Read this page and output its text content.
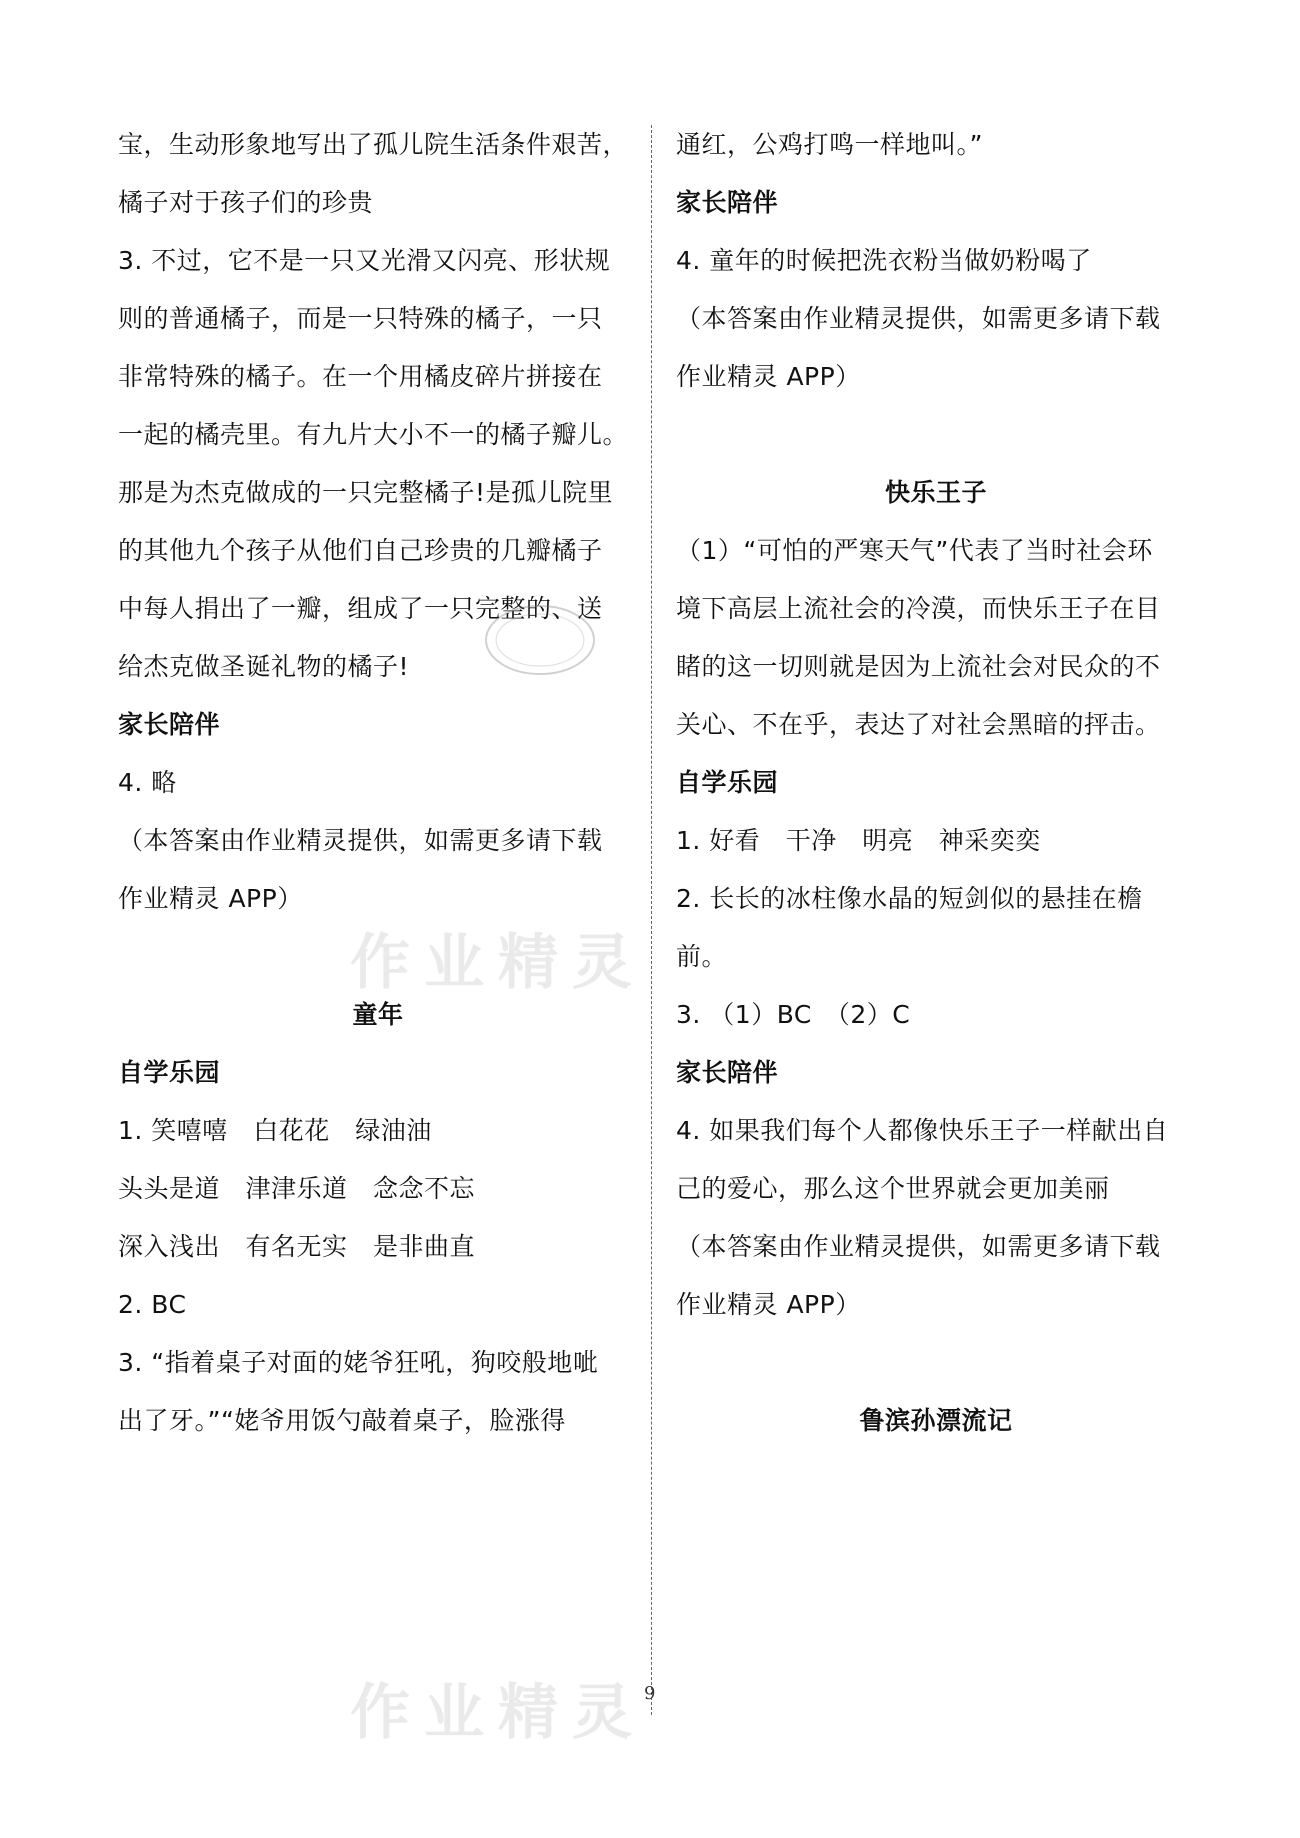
宝，生动形象地写出了孤儿院生活条件艰苦，
橘子对于孩子们的珍贵
3. 不过，它不是一只又光滑又闪亮、形状规
则的普通橘子，而是一只特殊的橘子，一只
非常特殊的橘子。在一个用橘皮碎片拼接在
一起的橘壳里。有九片大小不一的橘子瓣儿。
那是为杰克做成的一只完整橘子!是孤儿院里
的其他九个孩子从他们自己珍贵的几瓣橘子
中每人捐出了一瓣，组成了一只完整的、送
给杰克做圣诞礼物的橘子!
家长陪伴
4. 略
（本答案由作业精灵提供，如需更多请下载
作业精灵 APP）
童年
自学乐园
1. 笑嘻嘻　白花花　绿油油
头头是道　津津乐道　念念不忘
深入浅出　有名无实　是非曲直
2. BC
3. “指着桌子对面的姥爷狂吼，狗咬般地呲
出了牙。”“姥爷用饭勺敲着桌子，脸涨得
通红，公鸡打鸣一样地叫。”
家长陪伴
4. 童年的时候把洗衣粉当做奶粉喝了
（本答案由作业精灵提供，如需更多请下载
作业精灵 APP）
快乐王子
（1）“可怕的严寒天气”代表了当时社会环
境下高层上流社会的冷漠，而快乐王子在目
睹的这一切则就是因为上流社会对民众的不
关心、不在乎，表达了对社会黑暗的抨击。
自学乐园
1. 好看　干净　明亮　神采奕奕
2. 长长的冰柱像水晶的短剑似的悬挂在檐
前。
3. （1）BC　（2）C
家长陪伴
4. 如果我们每个人都像快乐王子一样献出自
己的爱心，那么这个世界就会更加美丽
（本答案由作业精灵提供，如需更多请下载
作业精灵 APP）
鲁滨孙漂流记
作业精灵
作业精灵
9
